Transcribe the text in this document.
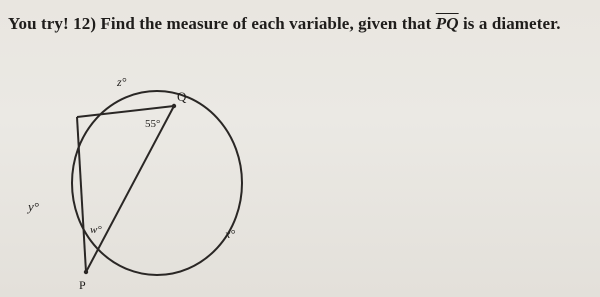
You try! 12) Find the measure of each variable, given that $\overline{PQ}$ is a diameter.
z°
Q
55°
y°
w°	x°
P
